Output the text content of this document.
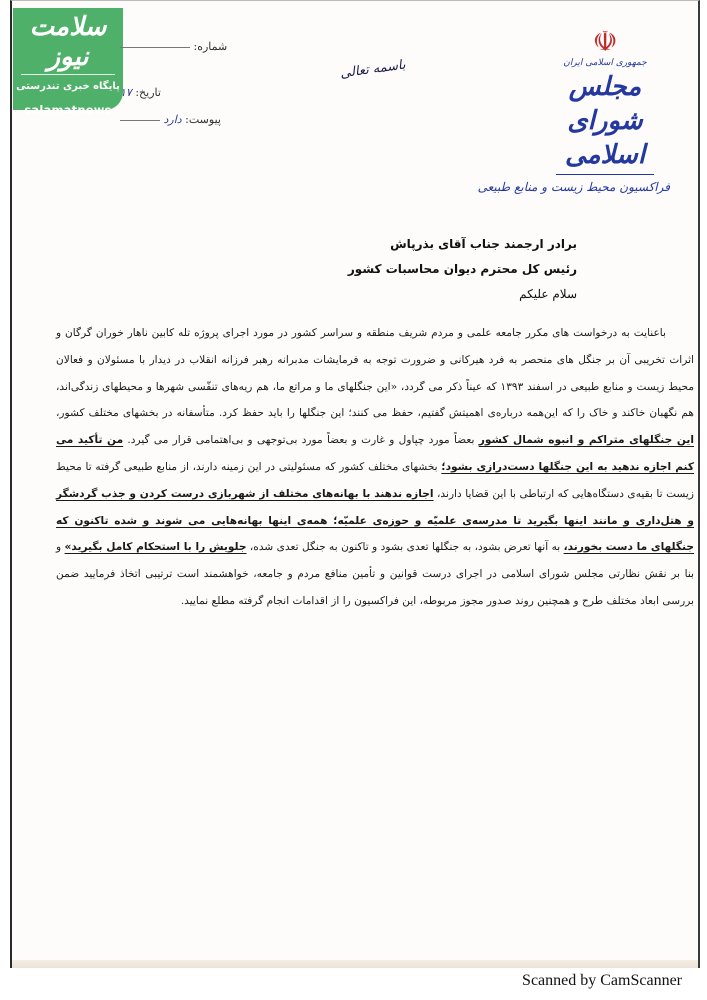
سلامت نیوز
پایگاه خبری تندرستی
salamatnews
شماره:
تاریخ: ۱۷
پیوست: دارد
باسمه تعالی
☫
جمهوری اسلامی ایران
مجلس شورای اسلامی
فراکسیون محیط زیست و منابع طبیعی
برادر ارجمند جناب آقای بذرپاش
رئیس کل محترم دیوان محاسبات کشور
سلام علیکم

با‌عنایت به درخواست های مکرر جامعه علمی و مردم شریف منطقه و سراسر کشور در مورد اجرای پروژه تله کابین ناهار خوران گرگان و اثرات تخریبی آن بر جنگل های منحصر به فرد هیرکانی و ضرورت توجه به فرمایشات مدبرانه رهبر فرزانه انقلاب در دیدار با مسئولان و فعالان محیط زیست و منابع طبیعی در اسفند ۱۳۹۳ که عیناً ذکر می گردد، «این جنگلهای ما و مراتع ما، هم ریه‌های تنفّسی شهرها و محیطهای زندگی‌اند، هم نگهبان خاکند و خاک را که این‌همه درباره‌ی اهمیتش گفتیم، حفظ می کنند؛ این جنگلها را باید حفظ کرد. متأسفانه در بخشهای مختلف کشور، این جنگلهای متراکم و انبوه شمال کشور بعضاً مورد چپاول و غارت و بعضاً مورد بی‌توجهی و بی‌اهتمامی قرار می گیرد. من تأکید می کنم اجازه ندهید به این جنگلها دست‌درازی بشود؛ بخشهای مختلف کشور که مسئولیتی در این زمینه دارند، از منابع طبیعی گرفته تا محیط زیست تا بقیه‌ی دستگاه‌هایی که ارتباطی با این قضایا دارند، اجازه ندهند با بهانه‌های مختلف از شهربازی درست کردن و جذب گردشگر و هتل‌داری و مانند اینها بگیرید تا مدرسه‌ی علمیّه و حوزه‌ی علمیّه؛ همه‌ی اینها بهانه‌هایی می شوند و شده تاکنون که جنگلهای ما دست بخورند، به آنها تعرض بشود، به جنگلها تعدی بشود و تاکنون به جنگل تعدی شده، جلویش را با استحکام کامل بگیرید» و بنا بر نقش نظارتی مجلس شورای اسلامی در اجرای درست قوانین و تأمین منافع مردم و جامعه، خواهشمند است ترتیبی اتخاذ فرمایید ضمن بررسی ابعاد مختلف طرح و همچنین روند صدور مجوز مربوطه، این فراکسیون را از اقدامات انجام گرفته مطلع نمایید.

Scanned by CamScanner
